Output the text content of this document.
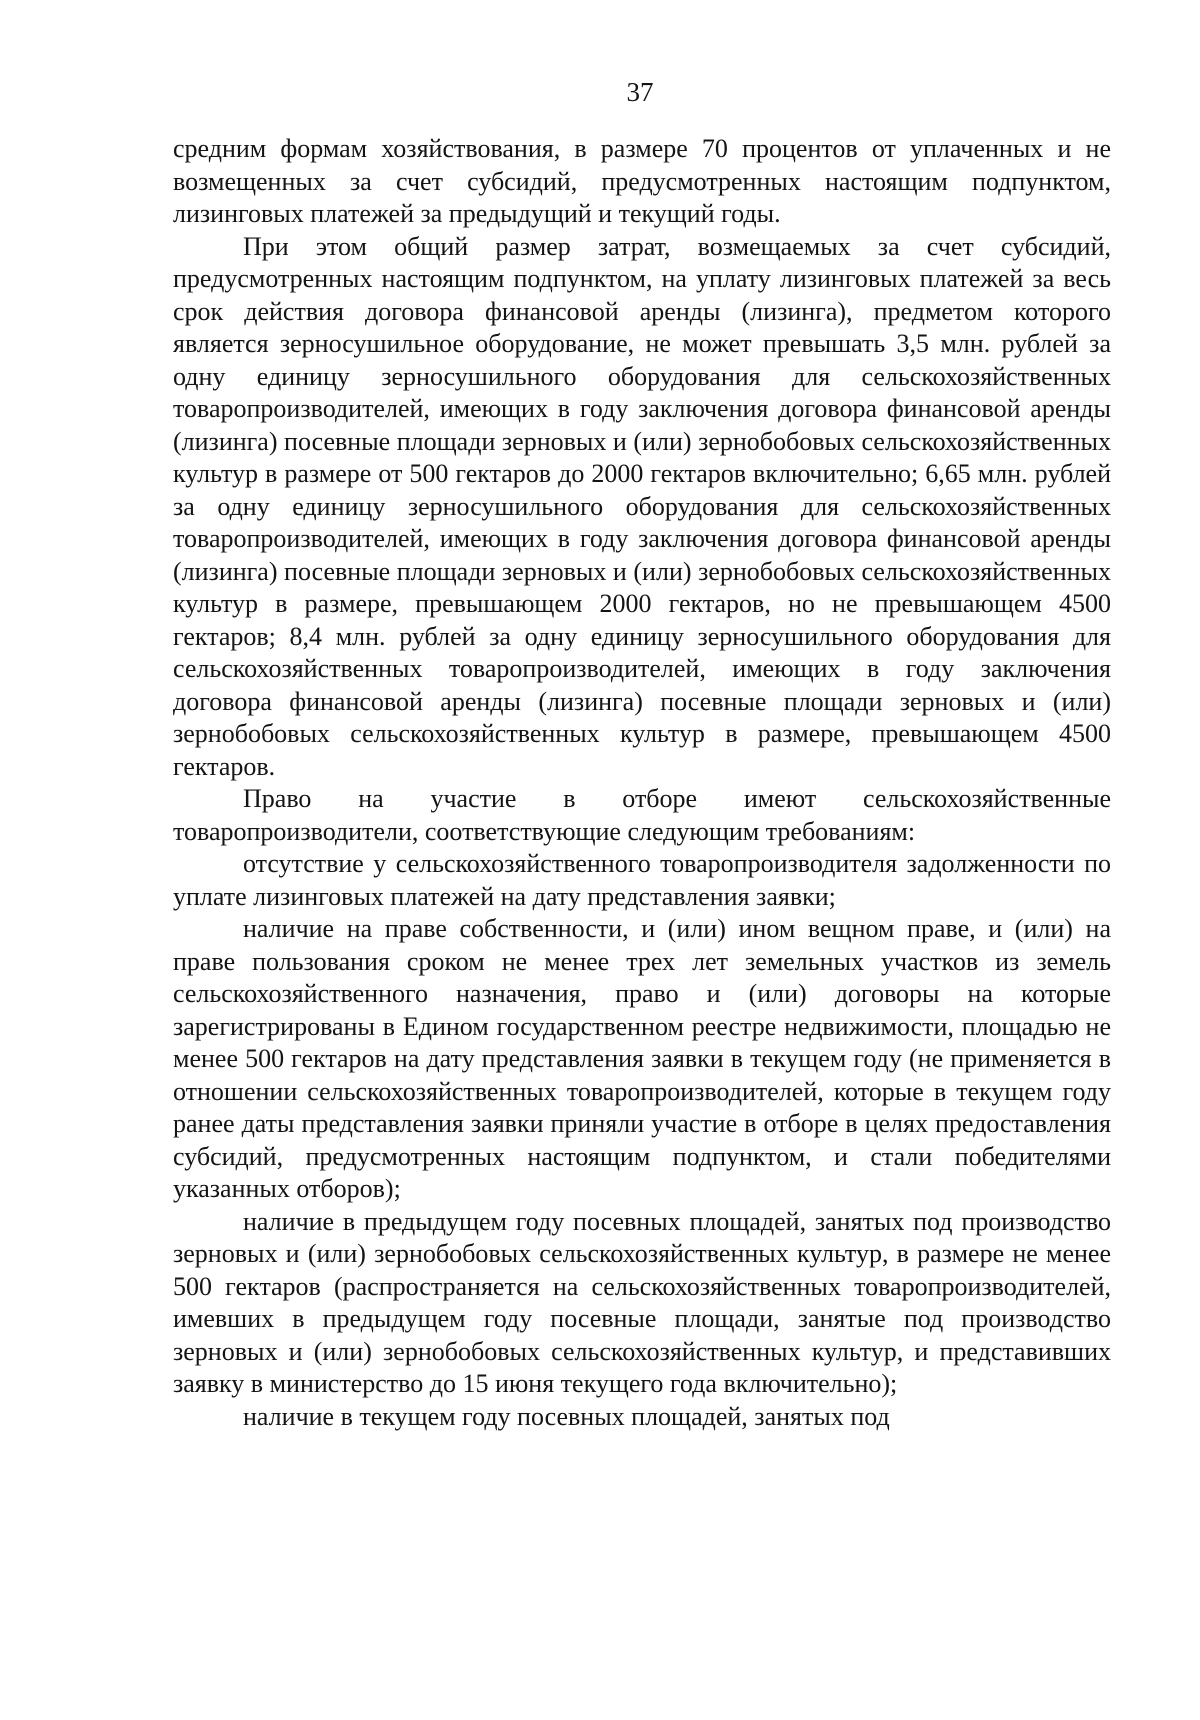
37

средним формам хозяйствования, в размере 70 процентов от уплаченных и не возмещенных за счет субсидий, предусмотренных настоящим подпунктом, лизинговых платежей за предыдущий и текущий годы.

При этом общий размер затрат, возмещаемых за счет субсидий, предусмотренных настоящим подпунктом, на уплату лизинговых платежей за весь срок действия договора финансовой аренды (лизинга), предметом которого является зерносушильное оборудование, не может превышать 3,5 млн. рублей за одну единицу зерносушильного оборудования для сельскохозяйственных товаропроизводителей, имеющих в году заключения договора финансовой аренды (лизинга) посевные площади зерновых и (или) зернобобовых сельскохозяйственных культур в размере от 500 гектаров до 2000 гектаров включительно; 6,65 млн. рублей за одну единицу зерносушильного оборудования для сельскохозяйственных товаропроизводителей, имеющих в году заключения договора финансовой аренды (лизинга) посевные площади зерновых и (или) зернобобовых сельскохозяйственных культур в размере, превышающем 2000 гектаров, но не превышающем 4500 гектаров; 8,4 млн. рублей за одну единицу зерносушильного оборудования для сельскохозяйственных товаропроизводителей, имеющих в году заключения договора финансовой аренды (лизинга) посевные площади зерновых и (или) зернобобовых сельскохозяйственных культур в размере, превышающем 4500 гектаров.

Право на участие в отборе имеют сельскохозяйственные товаропроизводители, соответствующие следующим требованиям:

отсутствие у сельскохозяйственного товаропроизводителя задолженности по уплате лизинговых платежей на дату представления заявки;

наличие на праве собственности, и (или) ином вещном праве, и (или) на праве пользования сроком не менее трех лет земельных участков из земель сельскохозяйственного назначения, право и (или) договоры на которые зарегистрированы в Едином государственном реестре недвижимости, площадью не менее 500 гектаров на дату представления заявки в текущем году (не применяется в отношении сельскохозяйственных товаропроизводителей, которые в текущем году ранее даты представления заявки приняли участие в отборе в целях предоставления субсидий, предусмотренных настоящим подпунктом, и стали победителями указанных отборов);

наличие в предыдущем году посевных площадей, занятых под производство зерновых и (или) зернобобовых сельскохозяйственных культур, в размере не менее 500 гектаров (распространяется на сельскохозяйственных товаропроизводителей, имевших в предыдущем году посевные площади, занятые под производство зерновых и (или) зернобобовых сельскохозяйственных культур, и представивших заявку в министерство до 15 июня текущего года включительно);

наличие в текущем году посевных площадей, занятых под
